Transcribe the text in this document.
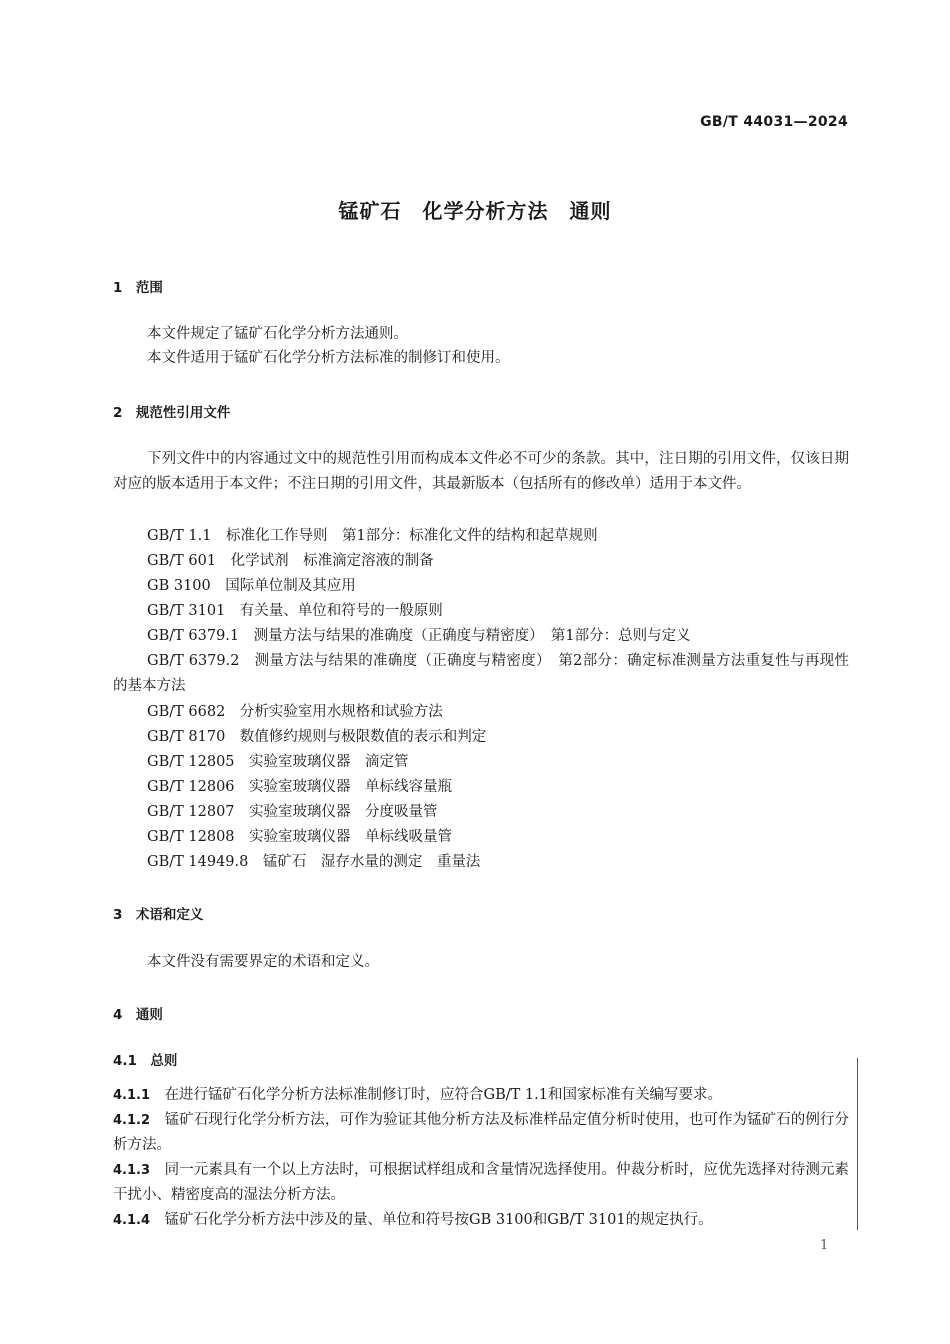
GB/T 44031—2024
锰矿石　化学分析方法　通则
1　范围
本文件规定了锰矿石化学分析方法通则。
本文件适用于锰矿石化学分析方法标准的制修订和使用。
2　规范性引用文件
下列文件中的内容通过文中的规范性引用而构成本文件必不可少的条款。其中，注日期的引用文件，仅该日期对应的版本适用于本文件；不注日期的引用文件，其最新版本（包括所有的修改单）适用于本文件。
GB/T 1.1　标准化工作导则　第1部分：标准化文件的结构和起草规则
GB/T 601　化学试剂　标准滴定溶液的制备
GB 3100　国际单位制及其应用
GB/T 3101　有关量、单位和符号的一般原则
GB/T 6379.1　测量方法与结果的准确度（正确度与精密度）　第1部分：总则与定义
GB/T 6379.2　测量方法与结果的准确度（正确度与精密度）　第2部分：确定标准测量方法重复性与再现性的基本方法
GB/T 6682　分析实验室用水规格和试验方法
GB/T 8170　数值修约规则与极限数值的表示和判定
GB/T 12805　实验室玻璃仪器　滴定管
GB/T 12806　实验室玻璃仪器　单标线容量瓶
GB/T 12807　实验室玻璃仪器　分度吸量管
GB/T 12808　实验室玻璃仪器　单标线吸量管
GB/T 14949.8　锰矿石　湿存水量的测定　重量法
3　术语和定义
本文件没有需要界定的术语和定义。
4　通则
4.1　总则
4.1.1　 在进行锰矿石化学分析方法标准制修订时，应符合GB/T 1.1和国家标准有关编写要求。
4.1.2　 锰矿石现行化学分析方法，可作为验证其他分析方法及标准样品定值分析时使用，也可作为锰矿石的例行分析方法。
4.1.3　 同一元素具有一个以上方法时，可根据试样组成和含量情况选择使用。仲裁分析时，应优先选择对待测元素干扰小、精密度高的湿法分析方法。
4.1.4　 锰矿石化学分析方法中涉及的量、单位和符号按GB 3100和GB/T 3101的规定执行。
1
